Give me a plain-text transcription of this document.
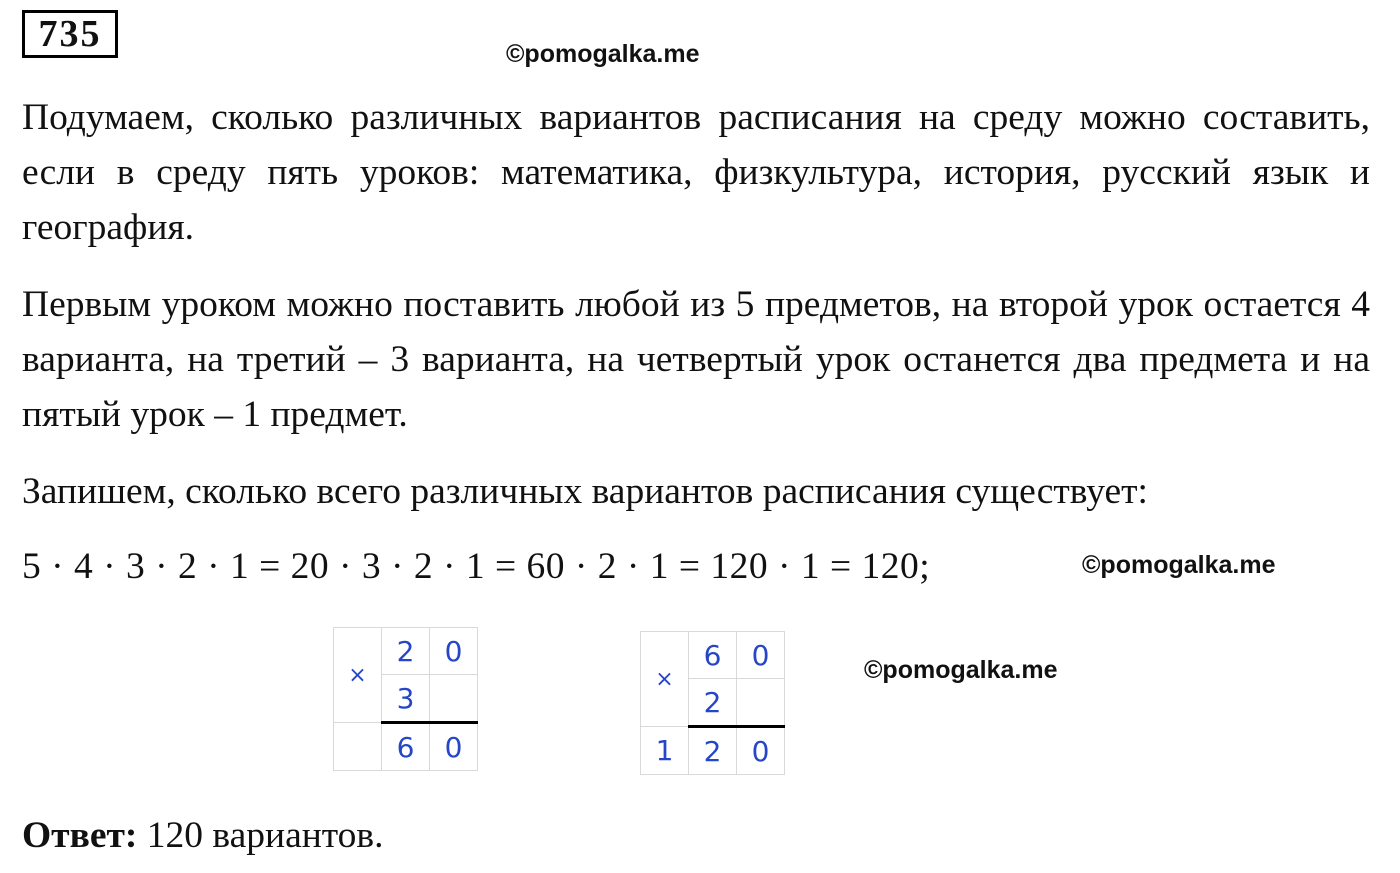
735	©pomogalka.me

Подумаем, сколько различных вариантов расписания на среду можно составить, если в среду пять уроков: математика, физкультура, история, русский язык и география.

Первым уроком можно поставить любой из 5 предметов, на второй урок остается 4 варианта, на третий – 3 варианта, на четвертый урок останется два предмета и на пятый урок – 1 предмет.

Запишем, сколько всего различных вариантов расписания существует:

5 · 4 · 3 · 2 · 1 = 20 · 3 · 2 · 1 = 60 · 2 · 1 = 120 · 1 = 120;	©pomogalka.me
×	2	0
	3	
	6	0
×	6	0
	2	
1	2	0
©pomogalka.me

Ответ: 120 вариантов.
